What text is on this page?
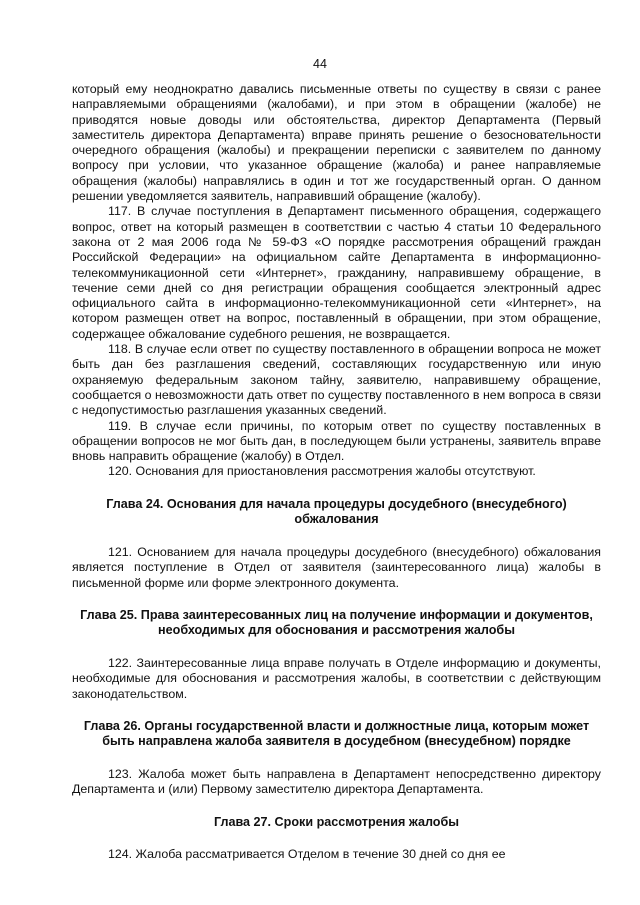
44

который ему неоднократно давались письменные ответы по существу в связи с ранее направляемыми обращениями (жалобами), и при этом в обращении (жалобе) не приводятся новые доводы или обстоятельства, директор Департамента (Первый заместитель директора Департамента) вправе принять решение о безосновательности очередного обращения (жалобы) и прекращении переписки с заявителем по данному вопросу при условии, что указанное обращение (жалоба) и ранее направляемые обращения (жалобы) направлялись в один и тот же государственный орган. О данном решении уведомляется заявитель, направивший обращение (жалобу).

117. В случае поступления в Департамент письменного обращения, содержащего вопрос, ответ на который размещен в соответствии с частью 4 статьи 10 Федерального закона от 2 мая 2006 года № 59-ФЗ «О порядке рассмотрения обращений граждан Российской Федерации» на официальном сайте Департамента в информационно-телекоммуникационной сети «Интернет», гражданину, направившему обращение, в течение семи дней со дня регистрации обращения сообщается электронный адрес официального сайта в информационно-телекоммуникационной сети «Интернет», на котором размещен ответ на вопрос, поставленный в обращении, при этом обращение, содержащее обжалование судебного решения, не возвращается.

118. В случае если ответ по существу поставленного в обращении вопроса не может быть дан без разглашения сведений, составляющих государственную или иную охраняемую федеральным законом тайну, заявителю, направившему обращение, сообщается о невозможности дать ответ по существу поставленного в нем вопроса в связи с недопустимостью разглашения указанных сведений.

119. В случае если причины, по которым ответ по существу поставленных в обращении вопросов не мог быть дан, в последующем были устранены, заявитель вправе вновь направить обращение (жалобу) в Отдел.

120. Основания для приостановления рассмотрения жалобы отсутствуют.

Глава 24. Основания для начала процедуры досудебного (внесудебного) обжалования

121. Основанием для начала процедуры досудебного (внесудебного) обжалования является поступление в Отдел от заявителя (заинтересованного лица) жалобы в письменной форме или форме электронного документа.

Глава 25. Права заинтересованных лиц на получение информации и документов, необходимых для обоснования и рассмотрения жалобы

122. Заинтересованные лица вправе получать в Отделе информацию и документы, необходимые для обоснования и рассмотрения жалобы, в соответствии с действующим законодательством.

Глава 26. Органы государственной власти и должностные лица, которым может быть направлена жалоба заявителя в досудебном (внесудебном) порядке

123. Жалоба может быть направлена в Департамент непосредственно директору Департамента и (или) Первому заместителю директора Департамента.

Глава 27. Сроки рассмотрения жалобы

124. Жалоба рассматривается Отделом в течение 30 дней со дня ее
